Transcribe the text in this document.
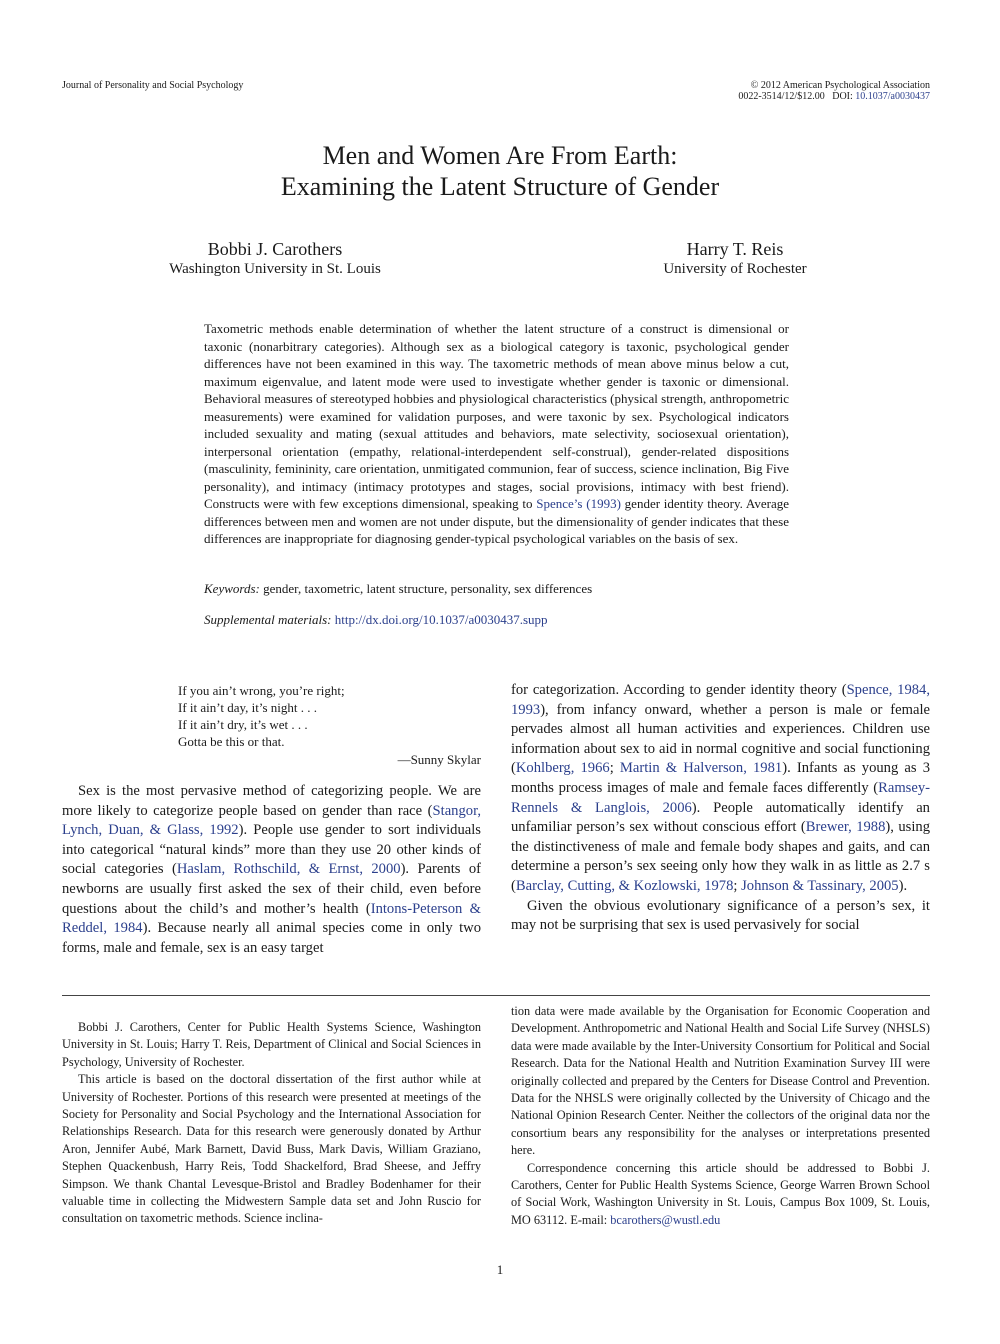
Journal of Personality and Social Psychology	© 2012 American Psychological Association
0022-3514/12/$12.00 DOI: 10.1037/a0030437
Men and Women Are From Earth:
Examining the Latent Structure of Gender
Bobbi J. Carothers
Washington University in St. Louis
Harry T. Reis
University of Rochester
Taxometric methods enable determination of whether the latent structure of a construct is dimensional or taxonic (nonarbitrary categories). Although sex as a biological category is taxonic, psychological gender differences have not been examined in this way. The taxometric methods of mean above minus below a cut, maximum eigenvalue, and latent mode were used to investigate whether gender is taxonic or dimensional. Behavioral measures of stereotyped hobbies and physiological characteristics (physical strength, anthropometric measurements) were examined for validation purposes, and were taxonic by sex. Psychological indicators included sexuality and mating (sexual attitudes and behaviors, mate selectivity, sociosexual orientation), interpersonal orientation (empathy, relational-interdependent self-construal), gender-related dispositions (masculinity, femininity, care orientation, unmitigated communion, fear of success, science inclination, Big Five personality), and intimacy (intimacy prototypes and stages, social provisions, intimacy with best friend). Constructs were with few exceptions dimensional, speaking to Spence’s (1993) gender identity theory. Average differences between men and women are not under dispute, but the dimensionality of gender indicates that these differences are inappropriate for diagnosing gender-typical psychological variables on the basis of sex.
Keywords: gender, taxometric, latent structure, personality, sex differences
Supplemental materials: http://dx.doi.org/10.1037/a0030437.supp
If you ain’t wrong, you’re right;
If it ain’t day, it’s night . . .
If it ain’t dry, it’s wet . . .
Gotta be this or that.
—Sunny Skylar

Sex is the most pervasive method of categorizing people. We are more likely to categorize people based on gender than race (Stangor, Lynch, Duan, & Glass, 1992). People use gender to sort individuals into categorical “natural kinds” more than they use 20 other kinds of social categories (Haslam, Rothschild, & Ernst, 2000). Parents of newborns are usually first asked the sex of their child, even before questions about the child’s and mother’s health (Intons-Peterson & Reddel, 1984). Because nearly all animal species come in only two forms, male and female, sex is an easy target

for categorization. According to gender identity theory (Spence, 1984, 1993), from infancy onward, whether a person is male or female pervades almost all human activities and experiences. Children use information about sex to aid in normal cognitive and social functioning (Kohlberg, 1966; Martin & Halverson, 1981). Infants as young as 3 months process images of male and female faces differently (Ramsey-Rennels & Langlois, 2006). People automatically identify an unfamiliar person’s sex without conscious effort (Brewer, 1988), using the distinctiveness of male and female body shapes and gaits, and can determine a person’s sex seeing only how they walk in as little as 2.7 s (Barclay, Cutting, & Kozlowski, 1978; Johnson & Tassinary, 2005).

Given the obvious evolutionary significance of a person’s sex, it may not be surprising that sex is used pervasively for social

Bobbi J. Carothers, Center for Public Health Systems Science, Washington University in St. Louis; Harry T. Reis, Department of Clinical and Social Sciences in Psychology, University of Rochester.

This article is based on the doctoral dissertation of the first author while at University of Rochester. Portions of this research were presented at meetings of the Society for Personality and Social Psychology and the International Association for Relationships Research. Data for this research were generously donated by Arthur Aron, Jennifer Aubé, Mark Barnett, David Buss, Mark Davis, William Graziano, Stephen Quackenbush, Harry Reis, Todd Shackelford, Brad Sheese, and Jeffry Simpson. We thank Chantal Levesque-Bristol and Bradley Bodenhamer for their valuable time in collecting the Midwestern Sample data set and John Ruscio for consultation on taxometric methods. Science inclina-

tion data were made available by the Organisation for Economic Cooperation and Development. Anthropometric and National Health and Social Life Survey (NHSLS) data were made available by the Inter-University Consortium for Political and Social Research. Data for the National Health and Nutrition Examination Survey III were originally collected and prepared by the Centers for Disease Control and Prevention. Data for the NHSLS were originally collected by the University of Chicago and the National Opinion Research Center. Neither the collectors of the original data nor the consortium bears any responsibility for the analyses or interpretations presented here.

Correspondence concerning this article should be addressed to Bobbi J. Carothers, Center for Public Health Systems Science, George Warren Brown School of Social Work, Washington University in St. Louis, Campus Box 1009, St. Louis, MO 63112. E-mail: bcarothers@wustl.edu

1
